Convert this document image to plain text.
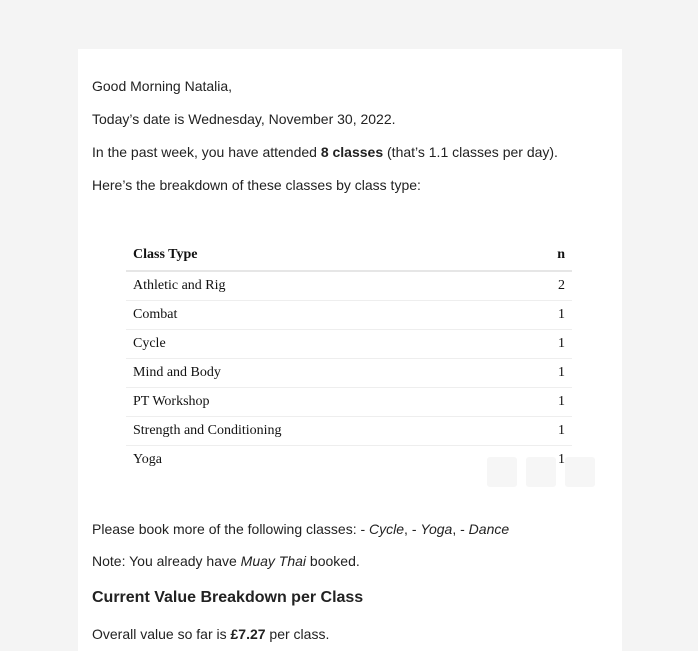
Good Morning Natalia,

Today’s date is Wednesday, November 30, 2022.

In the past week, you have attended 8 classes (that’s 1.1 classes per day).

Here’s the breakdown of these classes by class type:

Class Type	n
Athletic and Rig	2
Combat	1
Cycle	1
Mind and Body	1
PT Workshop	1
Strength and Conditioning	1
Yoga	1

Please book more of the following classes: - Cycle, - Yoga, - Dance

Note: You already have Muay Thai booked.

Current Value Breakdown per Class

Overall value so far is £7.27 per class.
